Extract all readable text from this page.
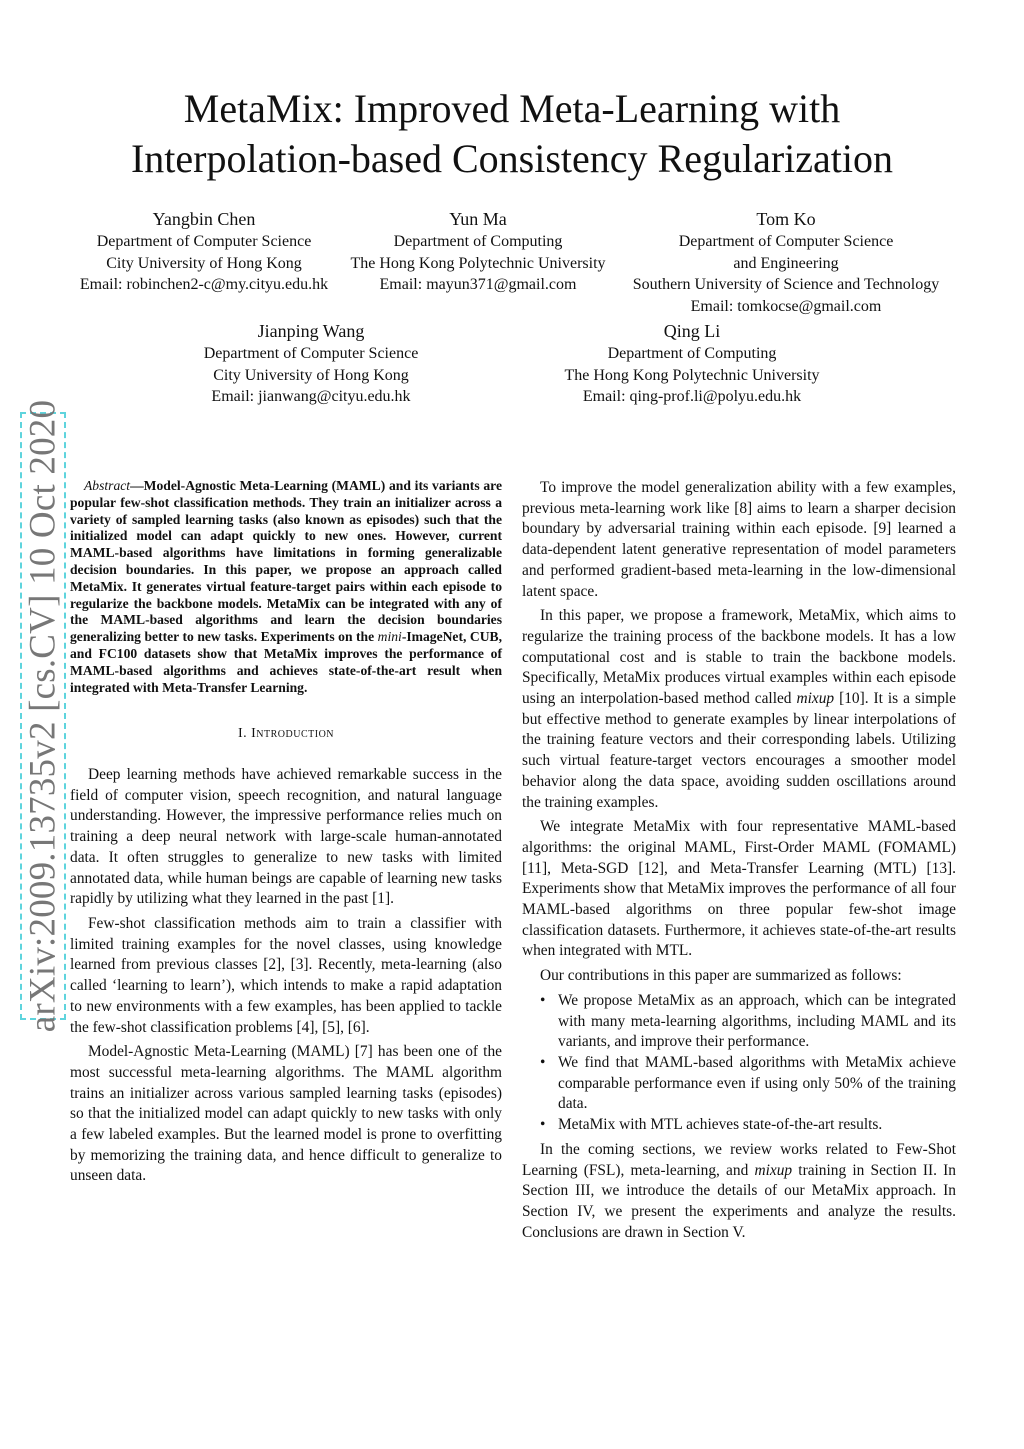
arXiv:2009.13735v2 [cs.CV] 10 Oct 2020
MetaMix: Improved Meta-Learning with
Interpolation-based Consistency Regularization
Yangbin Chen
Department of Computer Science
City University of Hong Kong
Email: robinchen2-c@my.cityu.edu.hk
Yun Ma
Department of Computing
The Hong Kong Polytechnic University
Email: mayun371@gmail.com
Tom Ko
Department of Computer Science
and Engineering
Southern University of Science and Technology
Email: tomkocse@gmail.com
Jianping Wang
Department of Computer Science
City University of Hong Kong
Email: jianwang@cityu.edu.hk
Qing Li
Department of Computing
The Hong Kong Polytechnic University
Email: qing-prof.li@polyu.edu.hk

Abstract—Model-Agnostic Meta-Learning (MAML) and its variants are popular few-shot classification methods. They train an initializer across a variety of sampled learning tasks (also known as episodes) such that the initialized model can adapt quickly to new ones. However, current MAML-based algorithms have limitations in forming generalizable decision boundaries. In this paper, we propose an approach called MetaMix. It generates virtual feature-target pairs within each episode to regularize the backbone models. MetaMix can be integrated with any of the MAML-based algorithms and learn the decision boundaries generalizing better to new tasks. Experiments on the mini-ImageNet, CUB, and FC100 datasets show that MetaMix improves the performance of MAML-based algorithms and achieves state-of-the-art result when integrated with Meta-Transfer Learning.

I. Introduction

Deep learning methods have achieved remarkable success in the field of computer vision, speech recognition, and natural language understanding. However, the impressive performance relies much on training a deep neural network with large-scale human-annotated data. It often struggles to generalize to new tasks with limited annotated data, while human beings are capable of learning new tasks rapidly by utilizing what they learned in the past [1].

Few-shot classification methods aim to train a classifier with limited training examples for the novel classes, using knowledge learned from previous classes [2], [3]. Recently, meta-learning (also called ‘learning to learn’), which intends to make a rapid adaptation to new environments with a few examples, has been applied to tackle the few-shot classification problems [4], [5], [6].

Model-Agnostic Meta-Learning (MAML) [7] has been one of the most successful meta-learning algorithms. The MAML algorithm trains an initializer across various sampled learning tasks (episodes) so that the initialized model can adapt quickly to new tasks with only a few labeled examples. But the learned model is prone to overfitting by memorizing the training data, and hence difficult to generalize to unseen data.

To improve the model generalization ability with a few examples, previous meta-learning work like [8] aims to learn a sharper decision boundary by adversarial training within each episode. [9] learned a data-dependent latent generative representation of model parameters and performed gradient-based meta-learning in the low-dimensional latent space.

In this paper, we propose a framework, MetaMix, which aims to regularize the training process of the backbone models. It has a low computational cost and is stable to train the backbone models. Specifically, MetaMix produces virtual examples within each episode using an interpolation-based method called mixup [10]. It is a simple but effective method to generate examples by linear interpolations of the training feature vectors and their corresponding labels. Utilizing such virtual feature-target vectors encourages a smoother model behavior along the data space, avoiding sudden oscillations around the training examples.

We integrate MetaMix with four representative MAML-based algorithms: the original MAML, First-Order MAML (FOMAML) [11], Meta-SGD [12], and Meta-Transfer Learning (MTL) [13]. Experiments show that MetaMix improves the performance of all four MAML-based algorithms on three popular few-shot image classification datasets. Furthermore, it achieves state-of-the-art results when integrated with MTL.

Our contributions in this paper are summarized as follows:

• We propose MetaMix as an approach, which can be integrated with many meta-learning algorithms, including MAML and its variants, and improve their performance.
• We find that MAML-based algorithms with MetaMix achieve comparable performance even if using only 50% of the training data.
• MetaMix with MTL achieves state-of-the-art results.

In the coming sections, we review works related to Few-Shot Learning (FSL), meta-learning, and mixup training in Section II. In Section III, we introduce the details of our MetaMix approach. In Section IV, we present the experiments and analyze the results. Conclusions are drawn in Section V.
